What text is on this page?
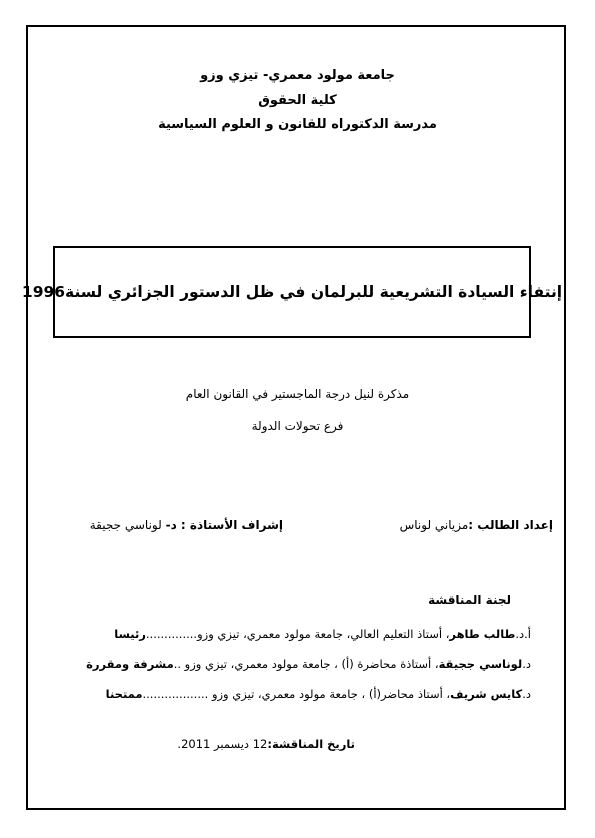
جامعة مولود معمري- تيزي وزو
كلية الحقوق
مدرسة الدكتوراه للقانون و العلوم السياسية
إنتفاء السيادة التشريعية للبرلمان في ظل الدستور الجزائري لسنة1996
مذكرة لنيل درجة الماجستير في القانون العام
فرع تحولات الدولة
إعداد الطالب :مزياني لوناس
إشراف الأستاذة : د- لوناسي ججيقة
لجنة المناقشة
أ.د.طالب طاهر، أستاذ التعليم العالي، جامعة مولود معمري، تيزي وزو..............رئيسا
د.لوناسي ججيقة، أستاذة محاضرة (أ) ، جامعة مولود معمري، تيزي وزو ..مشرفة ومقررة
د.كايس شريف، أستاذ محاضر(أ) ، جامعة مولود معمري، تيزي وزو ..................ممتحنا
تاريخ المناقشة:12 ديسمبر 2011.
